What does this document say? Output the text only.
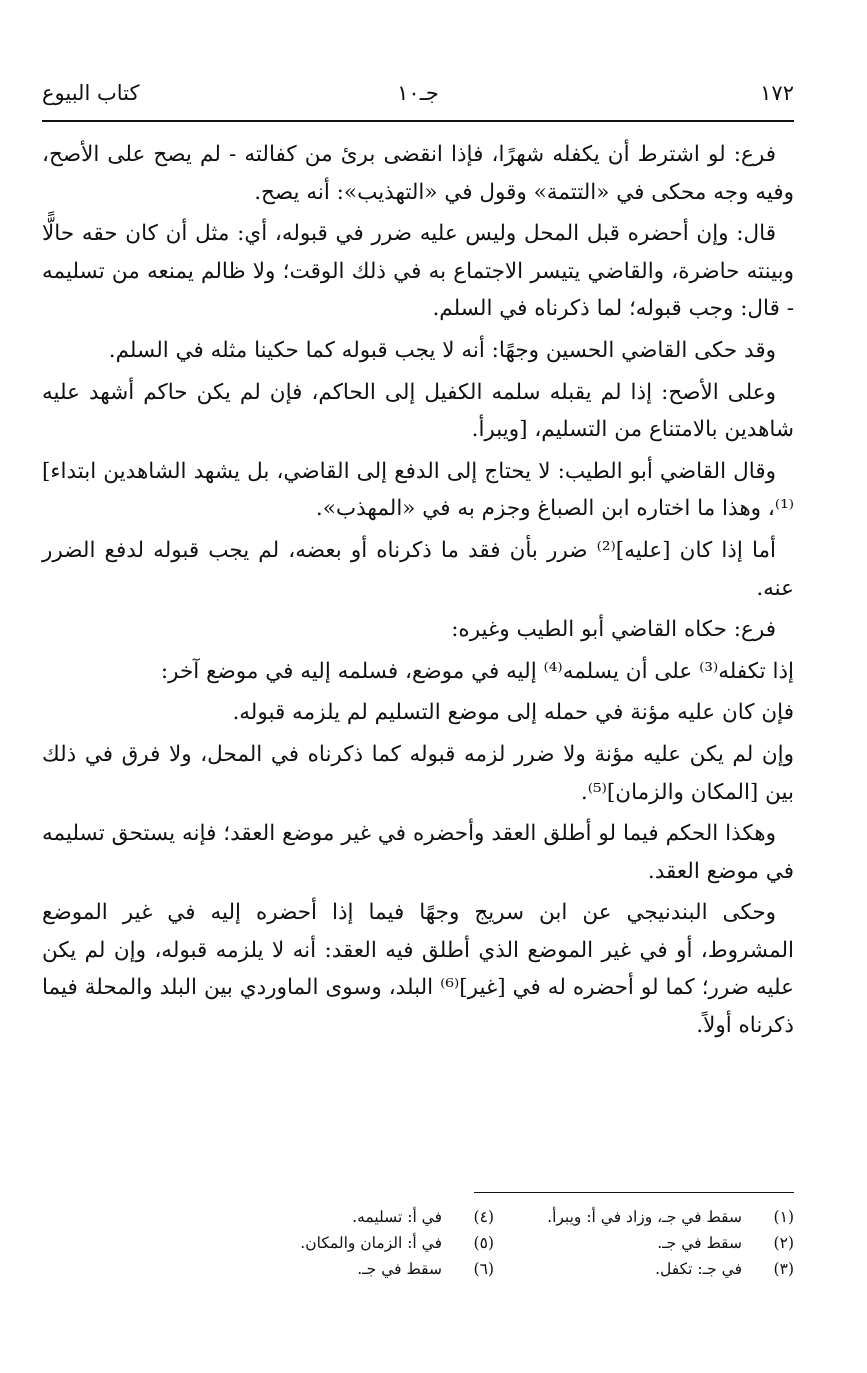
١٧٢
جـ١٠
كتاب البيوع

فرع: لو اشترط أن يكفله شهرًا، فإذا انقضى برئ من كفالته - لم يصح على الأصح، وفيه وجه محكى في «التتمة» وقول في «التهذيب»: أنه يصح.

قال: وإن أحضره قبل المحل وليس عليه ضرر في قبوله، أي: مثل أن كان حقه حالًّا وبينته حاضرة، والقاضي يتيسر الاجتماع به في ذلك الوقت؛ ولا ظالم يمنعه من تسليمه - قال: وجب قبوله؛ لما ذكرناه في السلم.

وقد حكى القاضي الحسين وجهًا: أنه لا يجب قبوله كما حكينا مثله في السلم.

وعلى الأصح: إذا لم يقبله سلمه الكفيل إلى الحاكم، فإن لم يكن حاكم أشهد عليه شاهدين بالامتناع من التسليم، [ويبرأ.

وقال القاضي أبو الطيب: لا يحتاج إلى الدفع إلى القاضي، بل يشهد الشاهدين ابتداء]⁽¹⁾، وهذا ما اختاره ابن الصباغ وجزم به في «المهذب».

أما إذا كان [عليه]⁽²⁾ ضرر بأن فقد ما ذكرناه أو بعضه، لم يجب قبوله لدفع الضرر عنه.

فرع: حكاه القاضي أبو الطيب وغيره:

إذا تكفله⁽³⁾ على أن يسلمه⁽⁴⁾ إليه في موضع، فسلمه إليه في موضع آخر:

فإن كان عليه مؤنة في حمله إلى موضع التسليم لم يلزمه قبوله.

وإن لم يكن عليه مؤنة ولا ضرر لزمه قبوله كما ذكرناه في المحل، ولا فرق في ذلك بين [المكان والزمان]⁽⁵⁾.

وهكذا الحكم فيما لو أطلق العقد وأحضره في غير موضع العقد؛ فإنه يستحق تسليمه في موضع العقد.

وحكى البندنيجي عن ابن سريج وجهًا فيما إذا أحضره إليه في غير الموضع المشروط، أو في غير الموضع الذي أطلق فيه العقد: أنه لا يلزمه قبوله، وإن لم يكن عليه ضرر؛ كما لو أحضره له في [غير]⁽⁶⁾ البلد، وسوى الماوردي بين البلد والمحلة فيما ذكرناه أولاً.

(١)
سقط في جـ، وزاد في أ: ويبرأ.
(٢)
سقط في جـ.
(٣)
في جـ: تكفل.
(٤)
في أ: تسليمه.
(٥)
في أ: الزمان والمكان.
(٦)
سقط في جـ.
